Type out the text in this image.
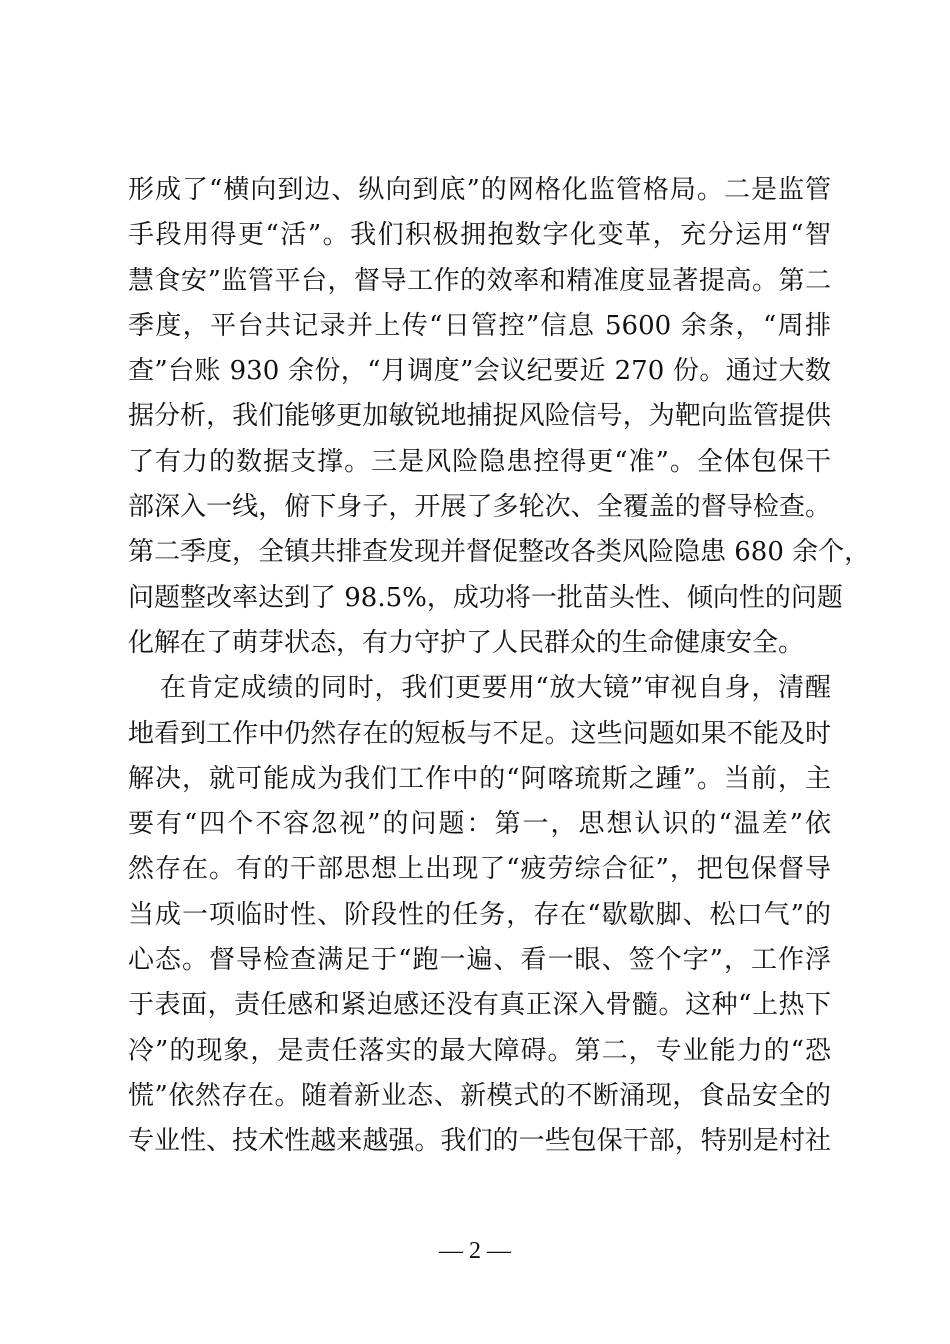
形成了“横向到边、纵向到底”的网格化监管格局。二是监管
手段用得更“活”。我们积极拥抱数字化变革，充分运用“智
慧食安”监管平台，督导工作的效率和精准度显著提高。第二
季度，平台共记录并上传“日管控”信息 5600 余条，“周排
查”台账 930 余份，“月调度”会议纪要近 270 份。通过大数
据分析，我们能够更加敏锐地捕捉风险信号，为靶向监管提供
了有力的数据支撑。三是风险隐患控得更“准”。全体包保干
部深入一线，俯下身子，开展了多轮次、全覆盖的督导检查。
第二季度，全镇共排查发现并督促整改各类风险隐患 680 余个，
问题整改率达到了 98.5%，成功将一批苗头性、倾向性的问题
化解在了萌芽状态，有力守护了人民群众的生命健康安全。
在肯定成绩的同时，我们更要用“放大镜”审视自身，清醒
地看到工作中仍然存在的短板与不足。这些问题如果不能及时
解决，就可能成为我们工作中的“阿喀琉斯之踵”。当前，主
要有“四个不容忽视”的问题：第一，思想认识的“温差”依
然存在。有的干部思想上出现了“疲劳综合征”，把包保督导
当成一项临时性、阶段性的任务，存在“歇歇脚、松口气”的
心态。督导检查满足于“跑一遍、看一眼、签个字”，工作浮
于表面，责任感和紧迫感还没有真正深入骨髓。这种“上热下
冷”的现象，是责任落实的最大障碍。第二，专业能力的“恐
慌”依然存在。随着新业态、新模式的不断涌现，食品安全的
专业性、技术性越来越强。我们的一些包保干部，特别是村社
— 2 —
